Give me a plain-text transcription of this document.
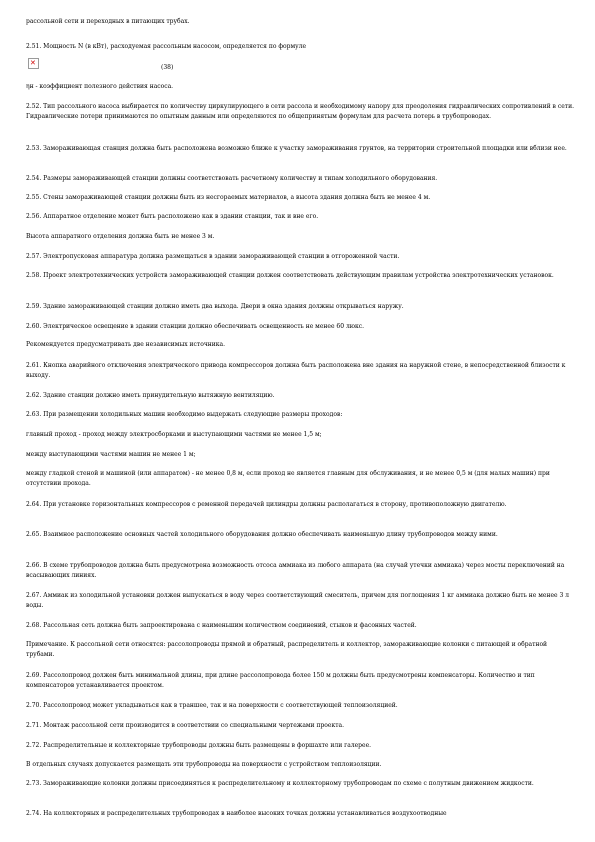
рассольной сети и переходных в питающих трубах.

2.51. Мощность N (в кВт), расходуемая рассольным насосом, определяется по формуле

✕
(38)

ηн - коэффициент полезного действия насоса.

2.52. Тип рассольного насоса выбирается по количеству циркулирующего в сети рассола и необходимому напору для преодоления гидравлических сопротивлений в сети. Гидравлические потери принимаются по опытным данным или определяются по общепринятым формулам для расчета потерь в трубопроводах.

2.53. Замораживающая станция должна быть расположена возможно ближе к участку замораживания грунтов, на территории строительной площадки или вблизи нее.

2.54. Размеры замораживающей станции должны соответствовать расчетному количеству и типам холодильного оборудования.

2.55. Стены замораживающей станции должны быть из несгораемых материалов, а высота здания должна быть не менее 4 м.

2.56. Аппаратное отделение может быть расположено как в здании станции, так и вне его.

Высота аппаратного отделения должна быть не менее 3 м.

2.57. Электропусковая аппаратура должна размещаться в здании замораживающей станции в отгороженной части.

2.58. Проект электротехнических устройств замораживающей станции должен соответствовать действующим правилам устройства электротехнических установок.

2.59. Здание замораживающей станции должно иметь два выхода. Двери в окна здания должны открываться наружу.

2.60. Электрическое освещение в здании станции должно обеспечивать освещенность не менее 60 люкс.

Рекомендуется предусматривать две независимых источника.

2.61. Кнопка аварийного отключения электрического привода компрессоров должна быть расположена вне здания на наружной стене, в непосредственной близости к выходу.

2.62. Здание станции должно иметь принудительную вытяжную вентиляцию.

2.63. При размещении холодильных машин необходимо выдержать следующие размеры проходов:

главный проход - проход между электросборками и выступающими частями не менее 1,5 м;

между выступающими частями машин не менее 1 м;

между гладкой стеной и машиной (или аппаратом) - не менее 0,8 м, если проход не является главным для обслуживания, и не менее 0,5 м (для малых машин) при отсутствии прохода.

2.64. При установке горизонтальных компрессоров с ременной передачей цилиндры должны располагаться в сторону, противоположную двигателю.

2.65. Взаимное расположение основных частей холодильного оборудования должно обеспечивать наименьшую длину трубопроводов между ними.

2.66. В схеме трубопроводов должна быть предусмотрена возможность отсоса аммиака из любого аппарата (на случай утечки аммиака) через мосты переключений на всасывающих линиях.

2.67. Аммиак из холодильной установки должен выпускаться в воду через соответствующий смеситель, причем для поглощения 1 кг аммиака должно быть не менее 3 л воды.

2.68. Рассольная сеть должна быть запроектирована с наименьшим количеством соединений, стыков и фасонных частей.

Примечание. К рассольной сети относятся: рассолопроводы прямой и обратный, распределитель и коллектор, замораживающие колонки с питающей и обратной трубами.

2.69. Рассолопровод должен быть минимальной длины, при длине рассолопровода более 150 м должны быть предусмотрены компенсаторы. Количество и тип компенсаторов устанавливается проектом.

2.70. Рассолопровод может укладываться как в траншее, так и на поверхности с соответствующей теплоизоляцией.

2.71. Монтаж рассольной сети производится в соответствии со специальными чертежами проекта.

2.72. Распределительные и коллекторные трубопроводы должны быть размещены в форшахте или галерее.

В отдельных случаях допускается размещать эти трубопроводы на поверхности с устройством теплоизоляции.

2.73. Замораживающие колонки должны присоединяться к распределительному и коллекторному трубопроводам по схеме с полутным движением жидкости.

2.74. На коллекторных и распределительных трубопроводах в наиболее высоких точках должны устанавливаться воздухоотводные
